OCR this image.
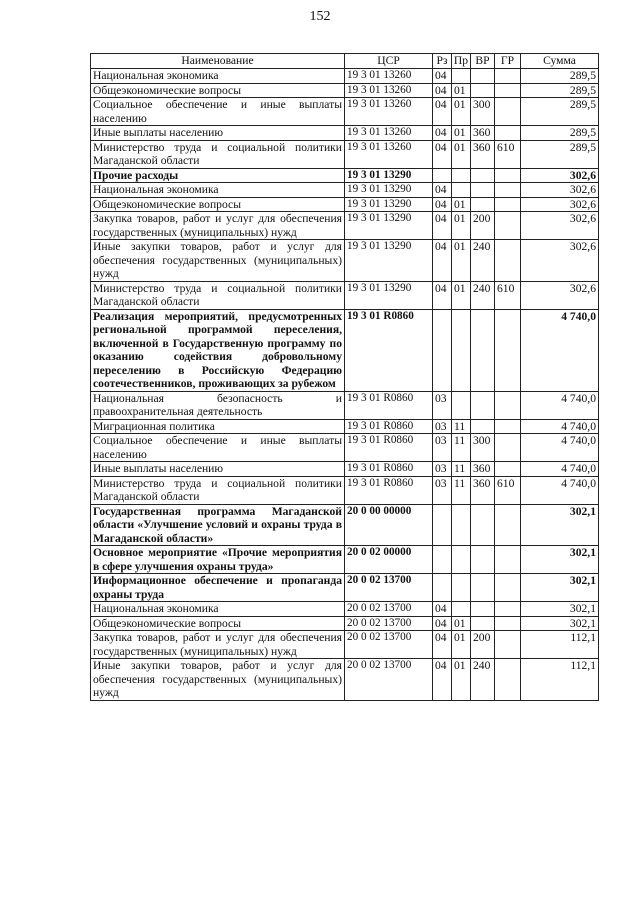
152
Наименование	ЦСР	Рз	Пр	ВР	ГР	Сумма
Национальная экономика	19 3 01 13260	04				289,5
Общеэкономические вопросы	19 3 01 13260	04	01			289,5
Социальное обеспечение и иные выплаты населению	19 3 01 13260	04	01	300		289,5
Иные выплаты населению	19 3 01 13260	04	01	360		289,5
Министерство труда и социальной политики Магаданской области	19 3 01 13260	04	01	360	610	289,5
Прочие расходы	19 3 01 13290					302,6
Национальная экономика	19 3 01 13290	04				302,6
Общеэкономические вопросы	19 3 01 13290	04	01			302,6
Закупка товаров, работ и услуг для обеспечения государственных (муниципальных) нужд	19 3 01 13290	04	01	200		302,6
Иные закупки товаров, работ и услуг для обеспечения государственных (муниципальных) нужд	19 3 01 13290	04	01	240		302,6
Министерство труда и социальной политики Магаданской области	19 3 01 13290	04	01	240	610	302,6
Реализация мероприятий, предусмотренных региональной программой переселения, включенной в Государственную программу по оказанию содействия добровольному переселению в Российскую Федерацию соотечественников, проживающих за рубежом	19 3 01 R0860					4 740,0
Национальная безопасность и правоохранительная деятельность	19 3 01 R0860	03				4 740,0
Миграционная политика	19 3 01 R0860	03	11			4 740,0
Социальное обеспечение и иные выплаты населению	19 3 01 R0860	03	11	300		4 740,0
Иные выплаты населению	19 3 01 R0860	03	11	360		4 740,0
Министерство труда и социальной политики Магаданской области	19 3 01 R0860	03	11	360	610	4 740,0
Государственная программа Магаданской области «Улучшение условий и охраны труда в Магаданской области»	20 0 00 00000					302,1
Основное мероприятие «Прочие мероприятия в сфере улучшения охраны труда»	20 0 02 00000					302,1
Информационное обеспечение и пропаганда охраны труда	20 0 02 13700					302,1
Национальная экономика	20 0 02 13700	04				302,1
Общеэкономические вопросы	20 0 02 13700	04	01			302,1
Закупка товаров, работ и услуг для обеспечения государственных (муниципальных) нужд	20 0 02 13700	04	01	200		112,1
Иные закупки товаров, работ и услуг для обеспечения государственных (муниципальных) нужд	20 0 02 13700	04	01	240		112,1
